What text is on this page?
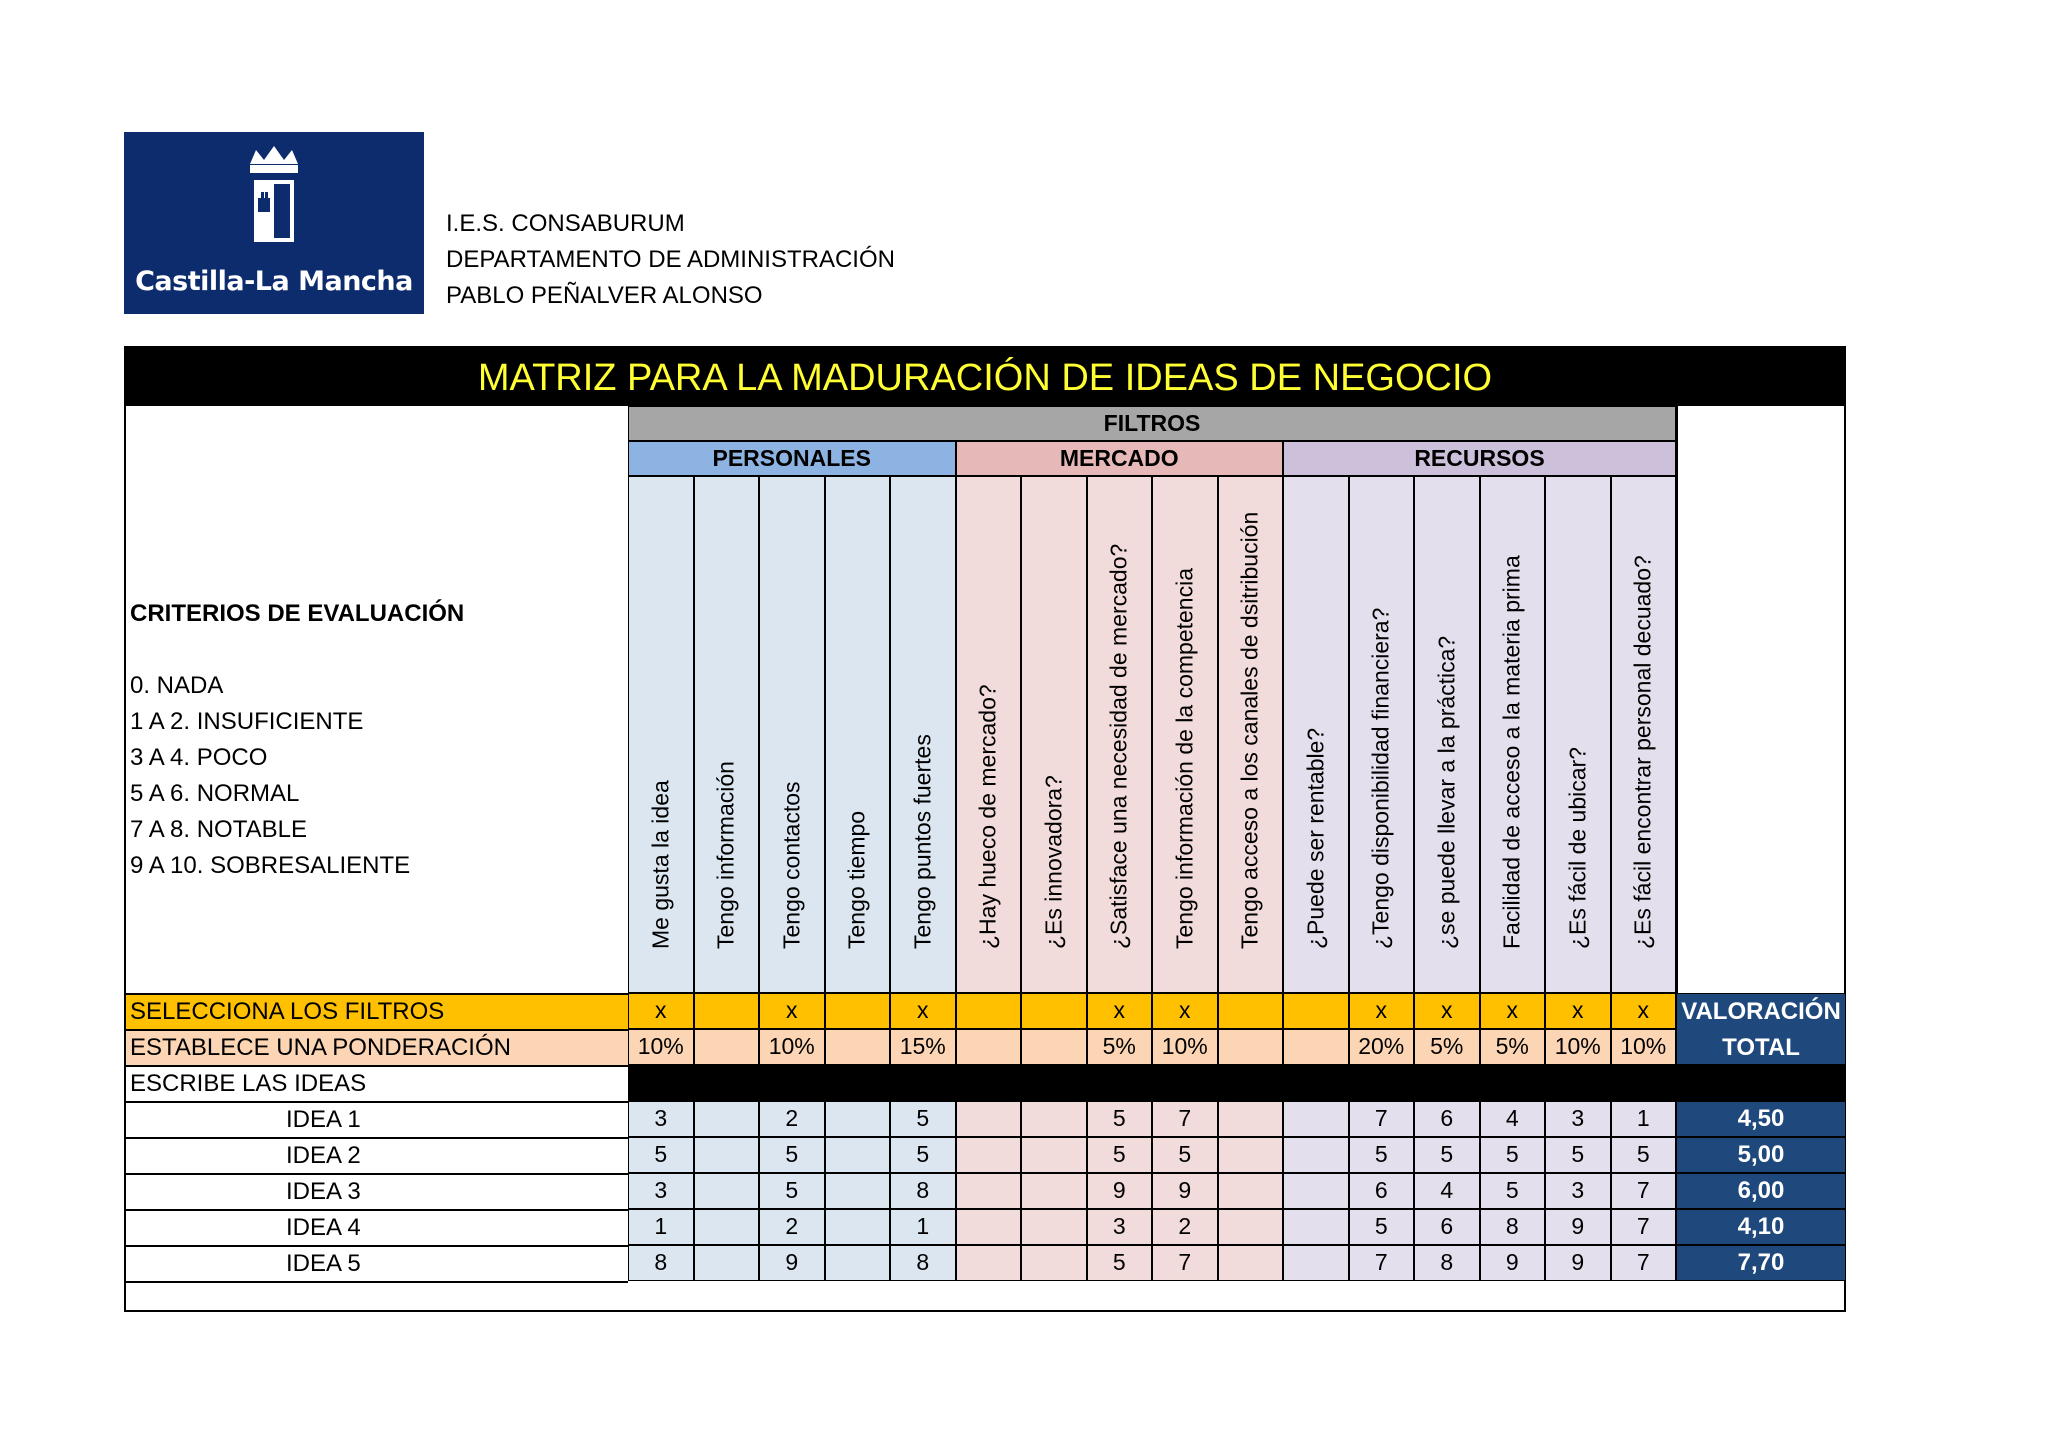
Castilla-La Mancha
I.E.S. CONSABURUM
DEPARTAMENTO DE ADMINISTRACIÓN
PABLO PEÑALVER ALONSO
MATRIZ PARA LA MADURACIÓN DE IDEAS DE NEGOCIO
CRITERIOS DE EVALUACIÓN
0. NADA
1 A 2. INSUFICIENTE
3 A 4. POCO
5 A 6. NORMAL
7 A 8. NOTABLE
9 A 10. SOBRESALIENTE
SELECCIONA LOS FILTROS
ESTABLECE UNA PONDERACIÓN
ESCRIBE LAS IDEAS
IDEA 1
IDEA 2
IDEA 3
IDEA 4
IDEA 5
VALORACIÓN
TOTAL
FILTROS
PERSONALES	MERCADO	RECURSOS
Me gusta la idea
x
10%
3
5
3
1
8
Tengo información Tengo contactos
x
10%
2
5
5
2
9
Tengo tiempo Tengo puntos fuertes
x
15%
5
5
8
1
8
¿Hay hueco de mercado? ¿Es innovadora? ¿Satisface una necesidad de mercado?
x
5%
5
5
9
3
5
Tengo información de la competencia
x
10%
7
5
9
2
7
Tengo acceso a los canales de dsitribución ¿Puede ser rentable? ¿Tengo disponibilidad financiera?
x
20%
7
5
6
5
7
¿se puede llevar a la práctica?
x
5%
6
5
4
6
8
Facilidad de acceso a la materia prima
x
5%
4
5
5
8
9
¿Es fácil de ubicar?
x
10%
3
5
3
9
9
¿Es fácil encontrar personal decuado?
x
10%
1
5
7
7
7
4,50
5,00
6,00
4,10
7,70
